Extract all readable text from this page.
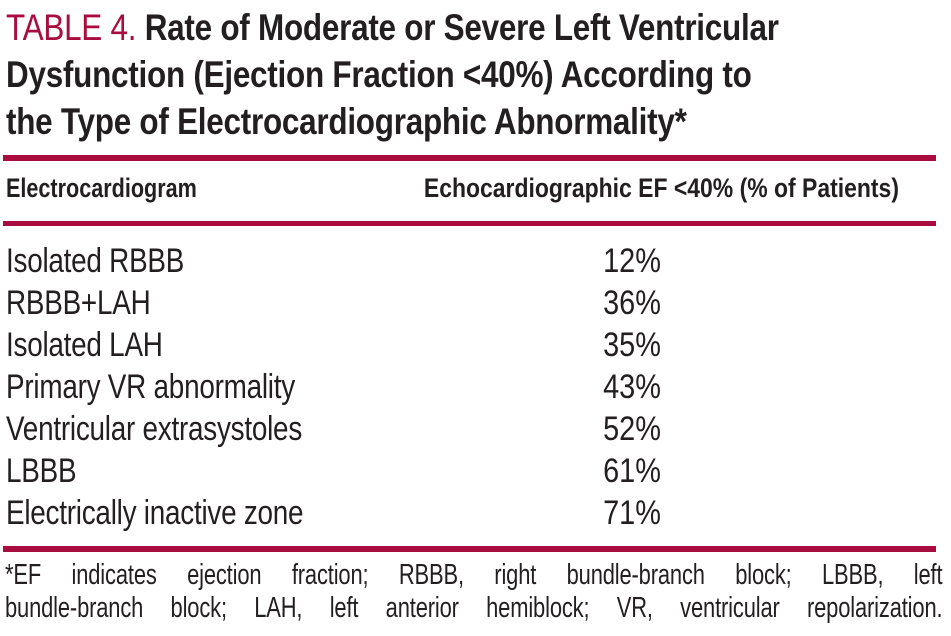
TABLE 4. Rate of Moderate or Severe Left Ventricular
Dysfunction (Ejection Fraction <40%) According to
the Type of Electrocardiographic Abnormality*
Electrocardiogram	Echocardiographic EF <40% (% of Patients)
Isolated RBBB	12%
RBBB+LAH	36%
Isolated LAH	35%
Primary VR abnormality	43%
Ventricular extrasystoles	52%
LBBB	61%
Electrically inactive zone	71%
*EF indicates ejection fraction; RBBB, right bundle-branch block; LBBB, left
bundle-branch block; LAH, left anterior hemiblock; VR, ventricular repolarization.
